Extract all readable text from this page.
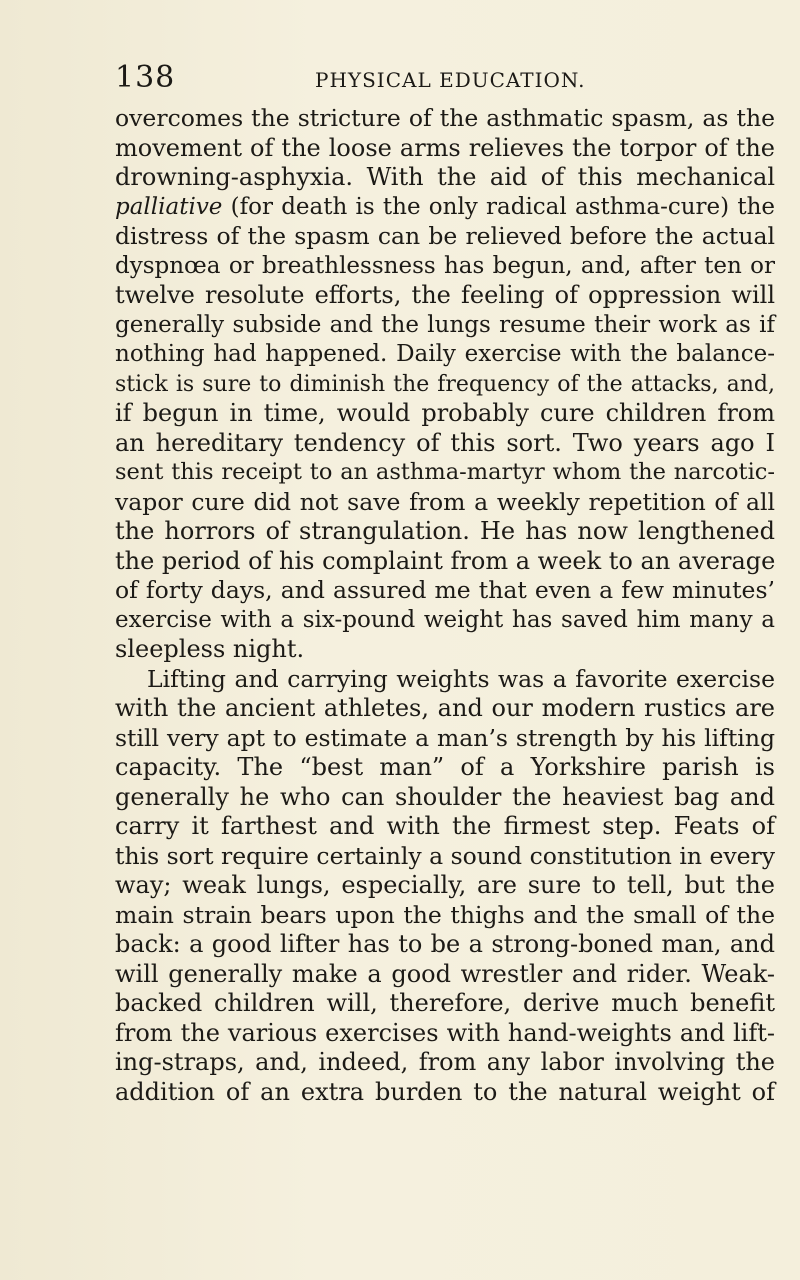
138	PHYSICAL EDUCATION.
overcomes the stricture of the asthmatic spasm, as the
movement of the loose arms relieves the torpor of the
drowning-asphyxia. With the aid of this mechanical
palliative (for death is the only radical asthma-cure) the
distress of the spasm can be relieved before the actual
dyspnœa or breathlessness has begun, and, after ten or
twelve resolute efforts, the feeling of oppression will
generally subside and the lungs resume their work as if
nothing had happened. Daily exercise with the balance-
stick is sure to diminish the frequency of the attacks, and,
if begun in time, would probably cure children from
an hereditary tendency of this sort. Two years ago I
sent this receipt to an asthma-martyr whom the narcotic-
vapor cure did not save from a weekly repetition of all
the horrors of strangulation. He has now lengthened
the period of his complaint from a week to an average
of forty days, and assured me that even a few minutes’
exercise with a six-pound weight has saved him many a
sleepless night.
Lifting and carrying weights was a favorite exercise
with the ancient athletes, and our modern rustics are
still very apt to estimate a man’s strength by his lifting
capacity. The “best man” of a Yorkshire parish is
generally he who can shoulder the heaviest bag and
carry it farthest and with the firmest step. Feats of
this sort require certainly a sound constitution in every
way; weak lungs, especially, are sure to tell, but the
main strain bears upon the thighs and the small of the
back: a good lifter has to be a strong-boned man, and
will generally make a good wrestler and rider. Weak-
backed children will, therefore, derive much benefit
from the various exercises with hand-weights and lift-
ing-straps, and, indeed, from any labor involving the
addition of an extra burden to the natural weight of
